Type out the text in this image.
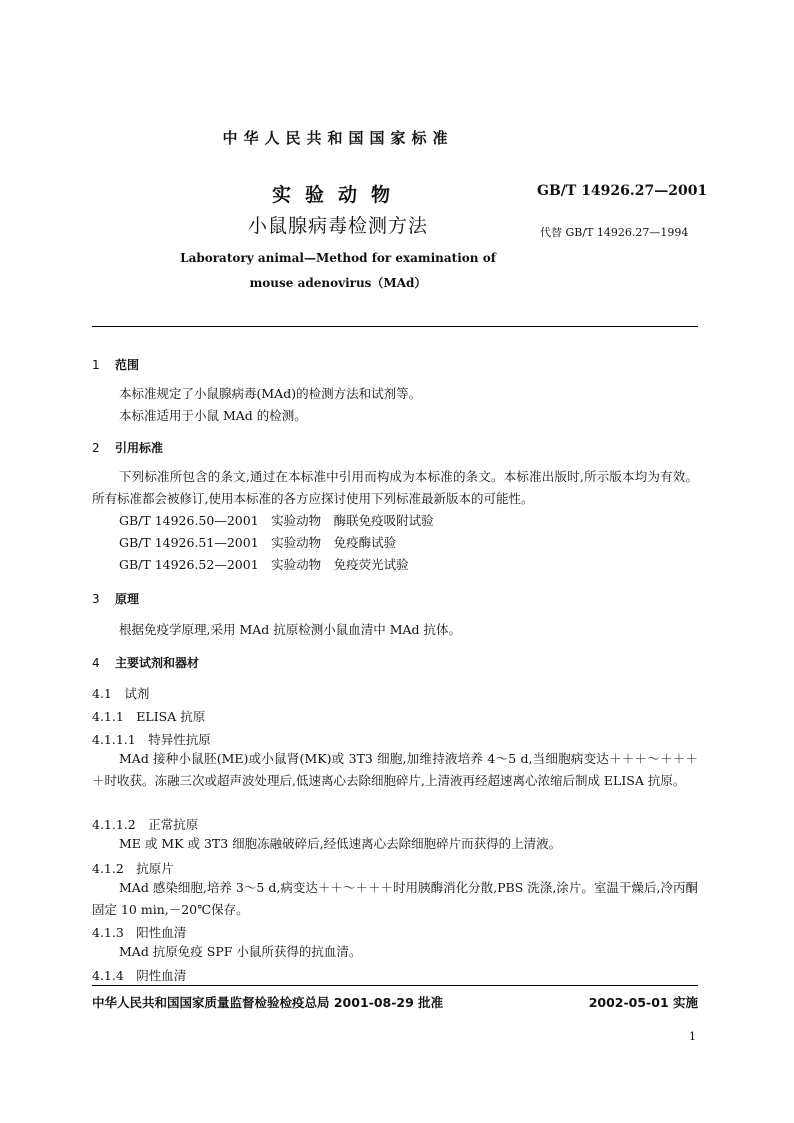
中华人民共和国国家标准
实验动物
小鼠腺病毒检测方法
GB/T 14926.27—2001
代替 GB/T 14926.27—1994
Laboratory animal—Method for examination of
mouse adenovirus（MAd）
1 范围
本标准规定了小鼠腺病毒(MAd)的检测方法和试剂等。
本标准适用于小鼠 MAd 的检测。
2 引用标准
下列标准所包含的条文,通过在本标准中引用而构成为本标准的条文。本标准出版时,所示版本均为有效。所有标准都会被修订,使用本标准的各方应探讨使用下列标准最新版本的可能性。
GB/T 14926.50—2001　 实验动物　酶联免疫吸附试验
GB/T 14926.51—2001　 实验动物　免疫酶试验
GB/T 14926.52—2001　 实验动物　免疫荧光试验
3 原理
根据免疫学原理,采用 MAd 抗原检测小鼠血清中 MAd 抗体。
4 主要试剂和器材
4.1　试剂
4.1.1　ELISA 抗原
4.1.1.1　特异性抗原
MAd 接种小鼠胚(ME)或小鼠肾(MK)或 3T3 细胞,加维持液培养 4～5 d,当细胞病变达＋＋＋～＋＋＋＋时收获。冻融三次或超声波处理后,低速离心去除细胞碎片,上清液再经超速离心浓缩后制成 ELISA 抗原。
4.1.1.2　正常抗原
ME 或 MK 或 3T3 细胞冻融破碎后,经低速离心去除细胞碎片而获得的上清液。
4.1.2　抗原片
MAd 感染细胞,培养 3～5 d,病变达＋＋～＋＋＋时用胰酶消化分散,PBS 洗涤,涂片。室温干燥后,冷丙酮固定 10 min,－20℃保存。
4.1.3　阳性血清
MAd 抗原免疫 SPF 小鼠所获得的抗血清。
4.1.4　阴性血清
中华人民共和国国家质量监督检验检疫总局 2001-08-29 批准	2002-05-01 实施
1
